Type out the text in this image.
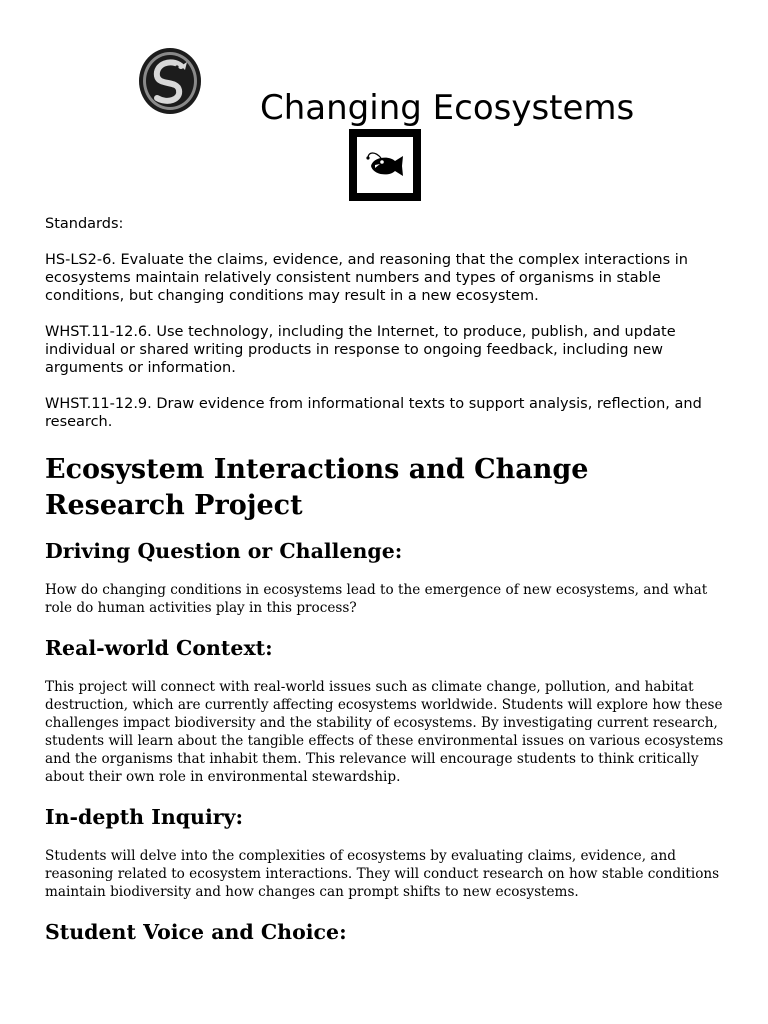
Changing Ecosystems

Standards:

HS-LS2-6. Evaluate the claims, evidence, and reasoning that the complex interactions in ecosystems maintain relatively consistent numbers and types of organisms in stable conditions, but changing conditions may result in a new ecosystem.

WHST.11-12.6. Use technology, including the Internet, to produce, publish, and update individual or shared writing products in response to ongoing feedback, including new arguments or information.

WHST.11-12.9. Draw evidence from informational texts to support analysis, reflection, and research.

Ecosystem Interactions and Change Research Project
Driving Question or Challenge:

How do changing conditions in ecosystems lead to the emergence of new ecosystems, and what role do human activities play in this process?

Real-world Context:

This project will connect with real-world issues such as climate change, pollution, and habitat destruction, which are currently affecting ecosystems worldwide. Students will explore how these challenges impact biodiversity and the stability of ecosystems. By investigating current research, students will learn about the tangible effects of these environmental issues on various ecosystems and the organisms that inhabit them. This relevance will encourage students to think critically about their own role in environmental stewardship.

In-depth Inquiry:

Students will delve into the complexities of ecosystems by evaluating claims, evidence, and reasoning related to ecosystem interactions. They will conduct research on how stable conditions maintain biodiversity and how changes can prompt shifts to new ecosystems.

Student Voice and Choice:
